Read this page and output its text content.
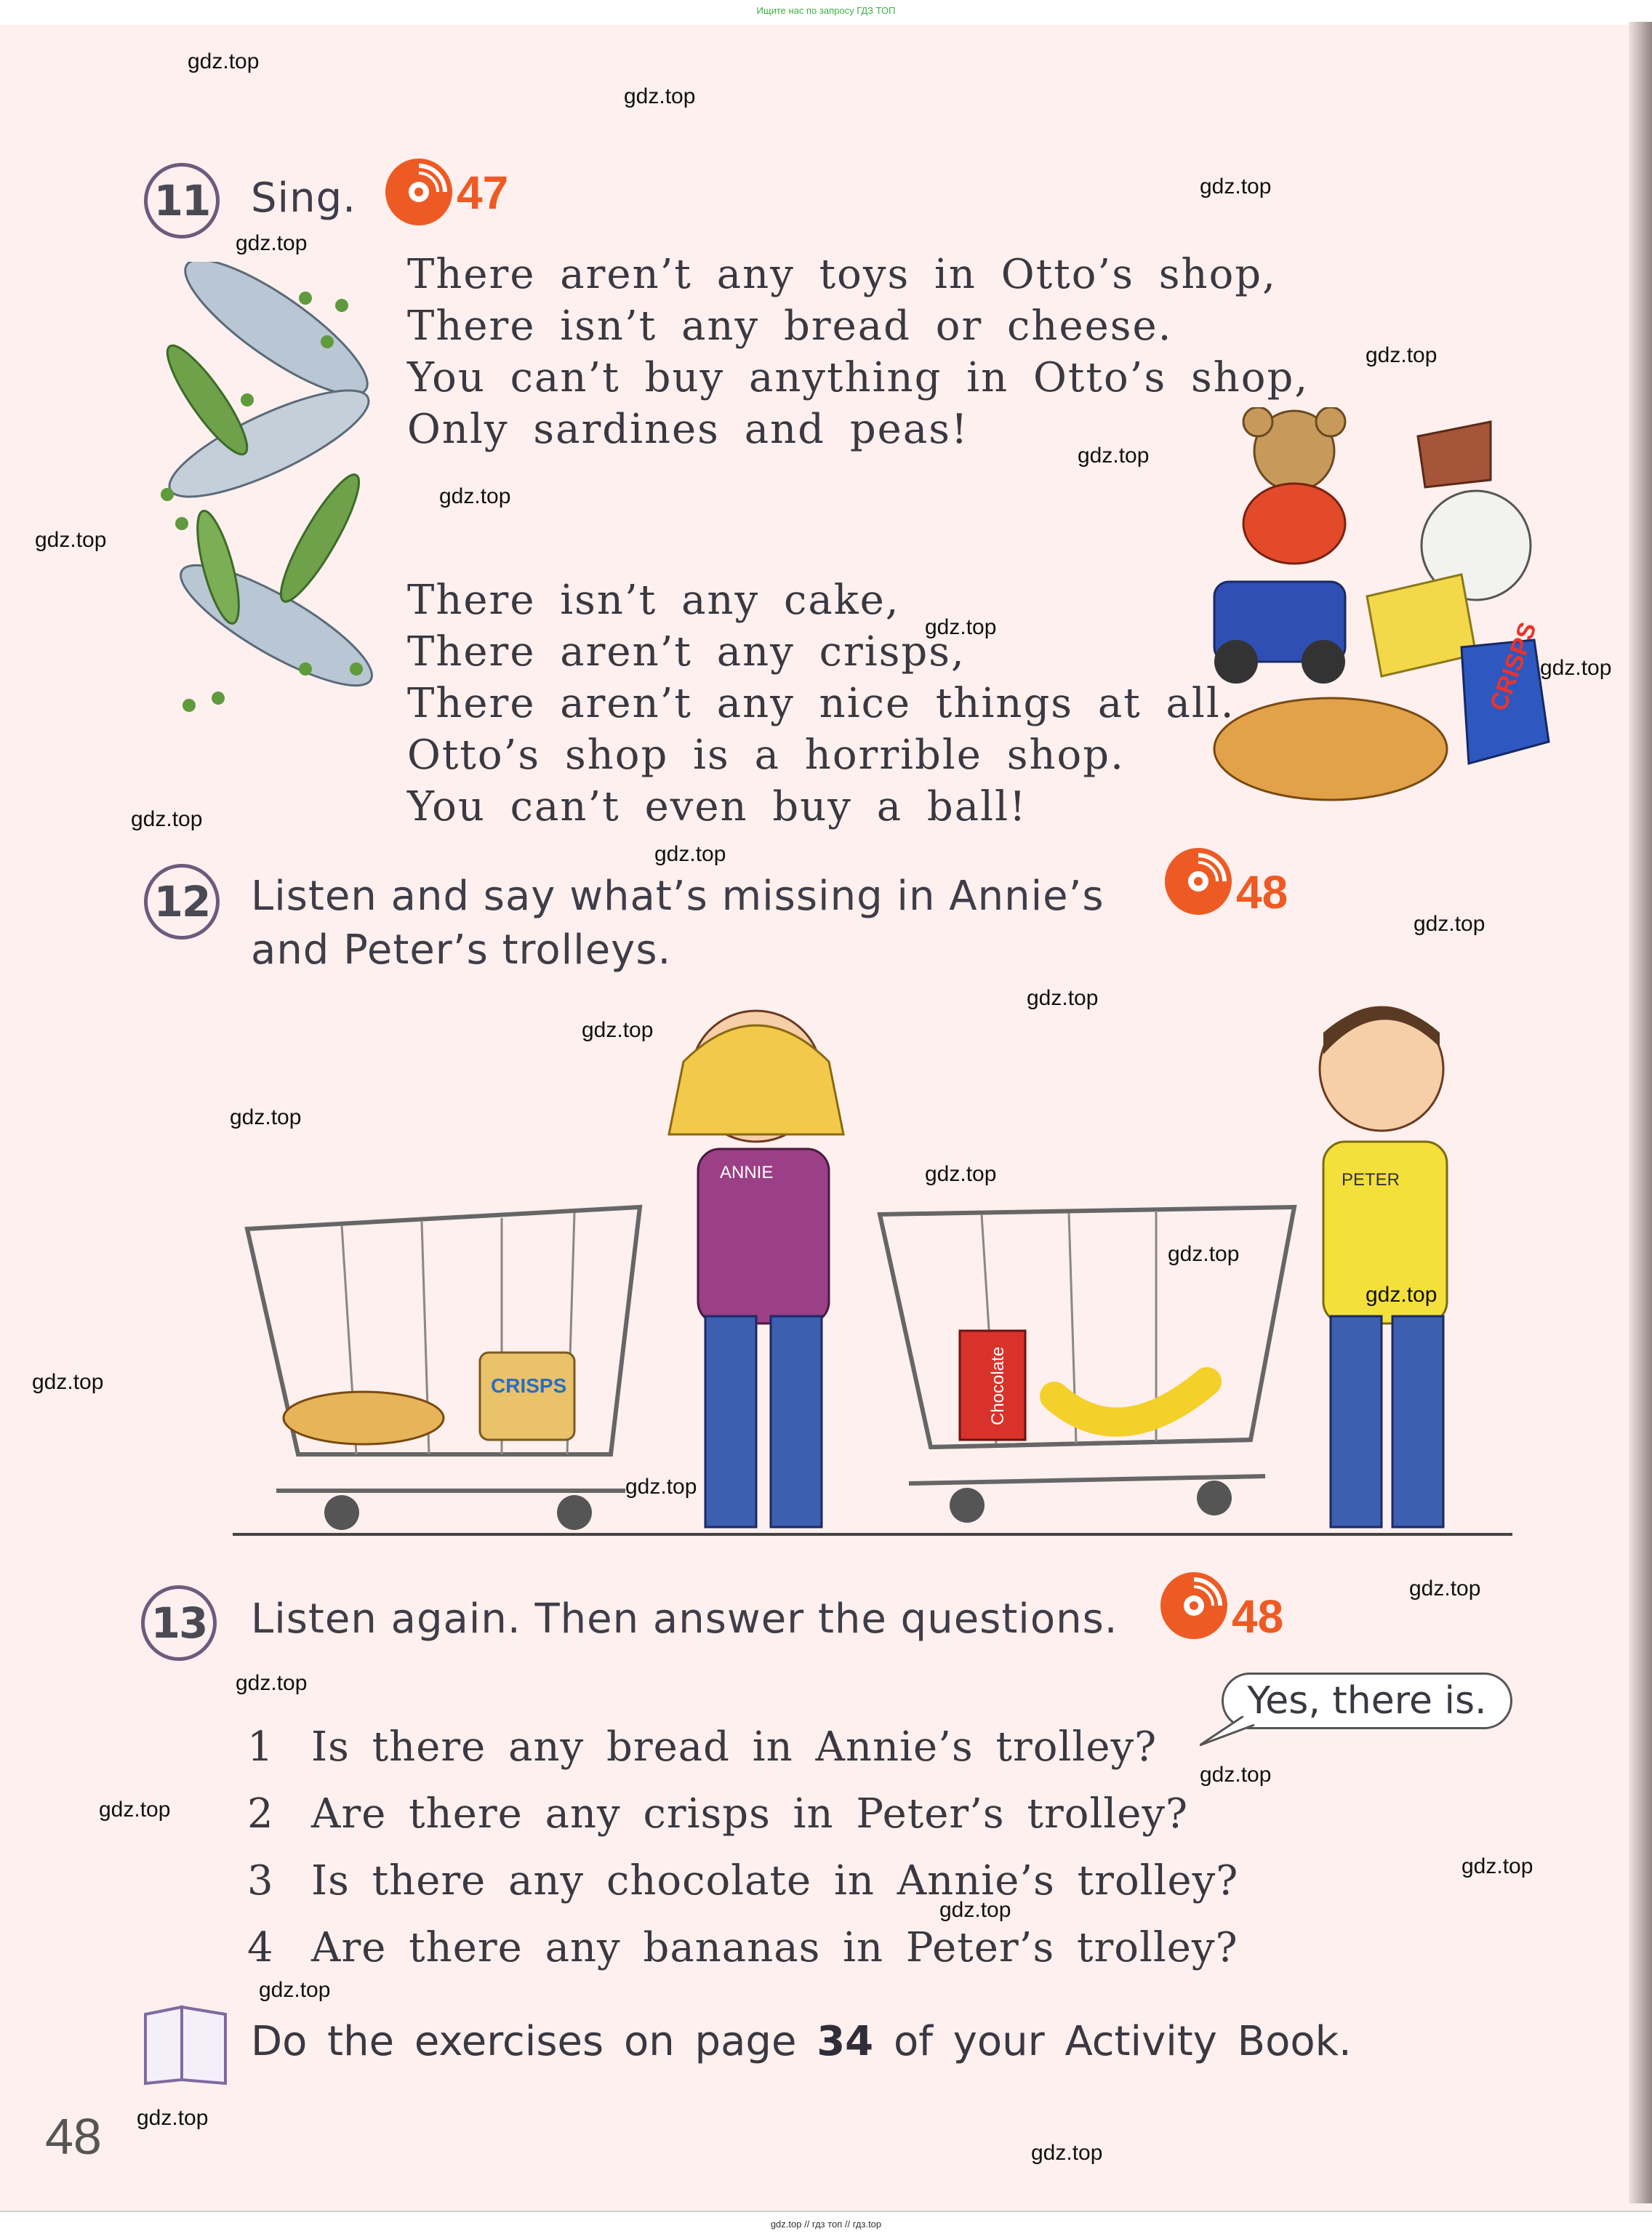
Ищите нас по запросу ГДЗ ТОП
11 Sing. 47
There aren’t any toys in Otto’s shop,
There isn’t any bread or cheese.
You can’t buy anything in Otto’s shop,
Only sardines and peas!
There isn’t any cake,
There aren’t any crisps,
There aren’t any nice things at all.
Otto’s shop is a horrible shop.
You can’t even buy a ball!
CRISPS
12 Listen and say what’s missing in Annie’s
and Peter’s trolleys.
48
CRISPS
ANNIE
Chocolate
PETER
13 Listen again. Then answer the questions. 48
Yes, there is.
1 Is there any bread in Annie’s trolley?
2 Are there any crisps in Peter’s trolley?
3 Is there any chocolate in Annie’s trolley?
4 Are there any bananas in Peter’s trolley?
Do the exercises on page 34 of your Activity Book.
48
gdz.top
gdz.top
gdz.top
gdz.top
gdz.top
gdz.top
gdz.top
gdz.top
gdz.top
gdz.top
gdz.top
gdz.top
gdz.top
gdz.top
gdz.top
gdz.top
gdz.top
gdz.top
gdz.top
gdz.top
gdz.top
gdz.top
gdz.top
gdz.top
gdz.top
gdz.top
gdz.top
gdz.top
gdz.top
gdz.top
gdz.top // гдз топ // гдз.top
